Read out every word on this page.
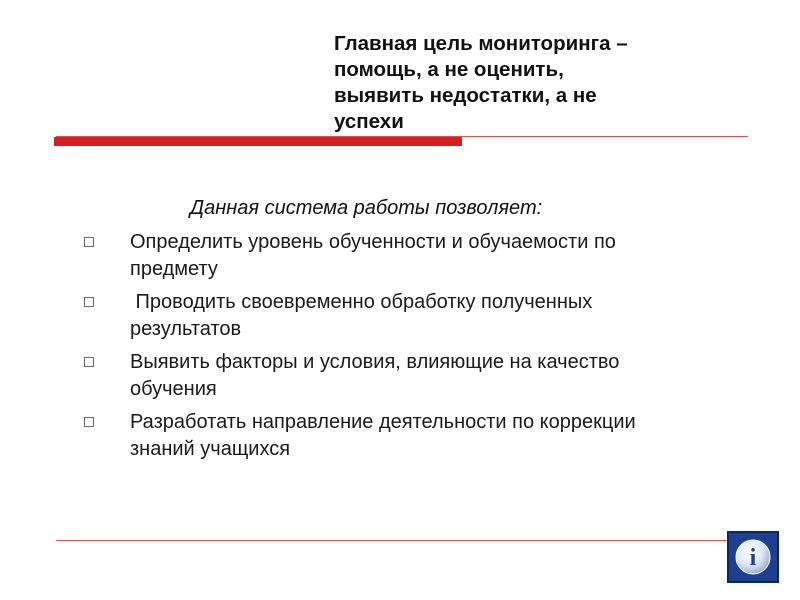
Главная цель мониторинга –
помощь, а не оценить,
выявить недостатки, а не
успехи

Данная система работы позволяет:

Определить уровень обученности и обучаемости по
предмету
Проводить своевременно обработку полученных
результатов
Выявить факторы и условия, влияющие на качество
обучения
Разработать направление деятельности по коррекции
знаний учащихся
i
